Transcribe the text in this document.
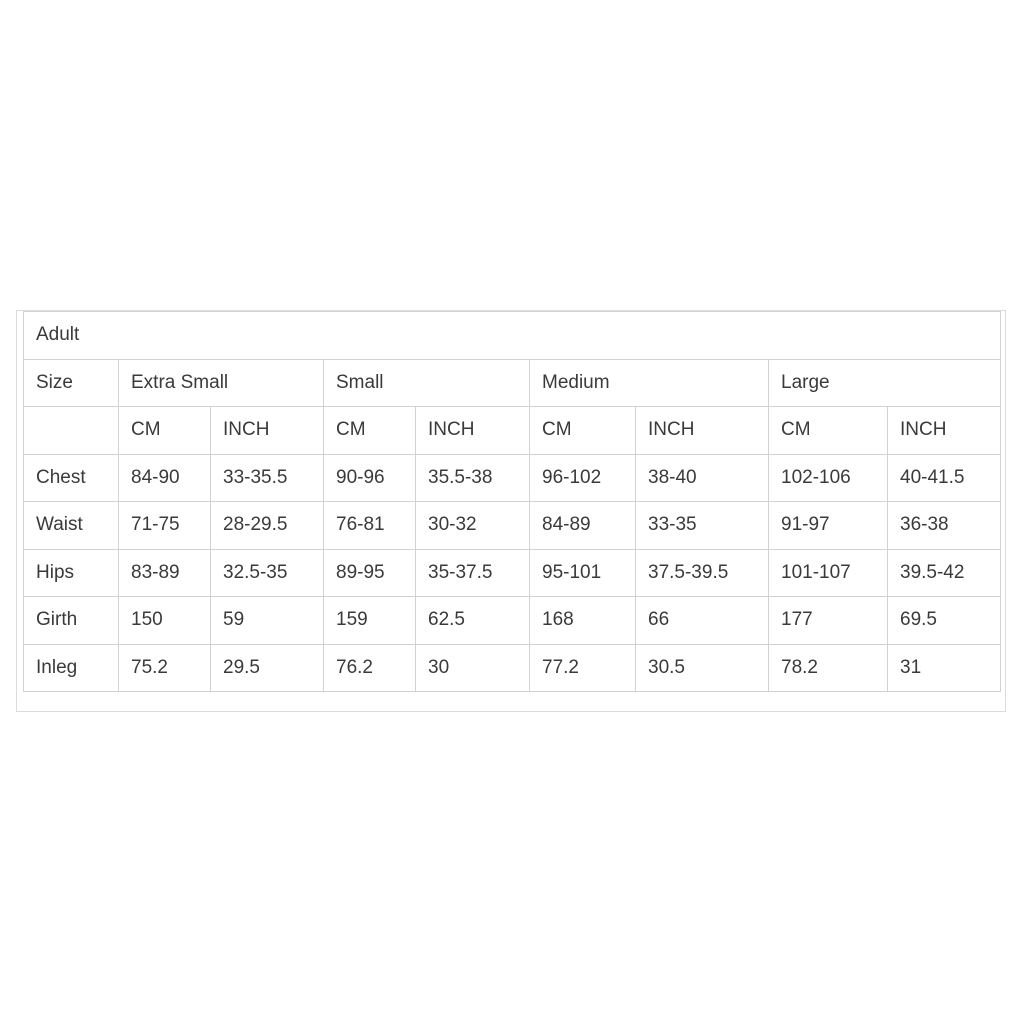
Adult								
Size	Extra Small		Small		Medium		Large	
	CM	INCH	CM	INCH	CM	INCH	CM	INCH
Chest	84-90	33-35.5	90-96	35.5-38	96-102	38-40	102-106	40-41.5
Waist	71-75	28-29.5	76-81	30-32	84-89	33-35	91-97	36-38
Hips	83-89	32.5-35	89-95	35-37.5	95-101	37.5-39.5	101-107	39.5-42
Girth	150	59	159	62.5	168	66	177	69.5
Inleg	75.2	29.5	76.2	30	77.2	30.5	78.2	31
